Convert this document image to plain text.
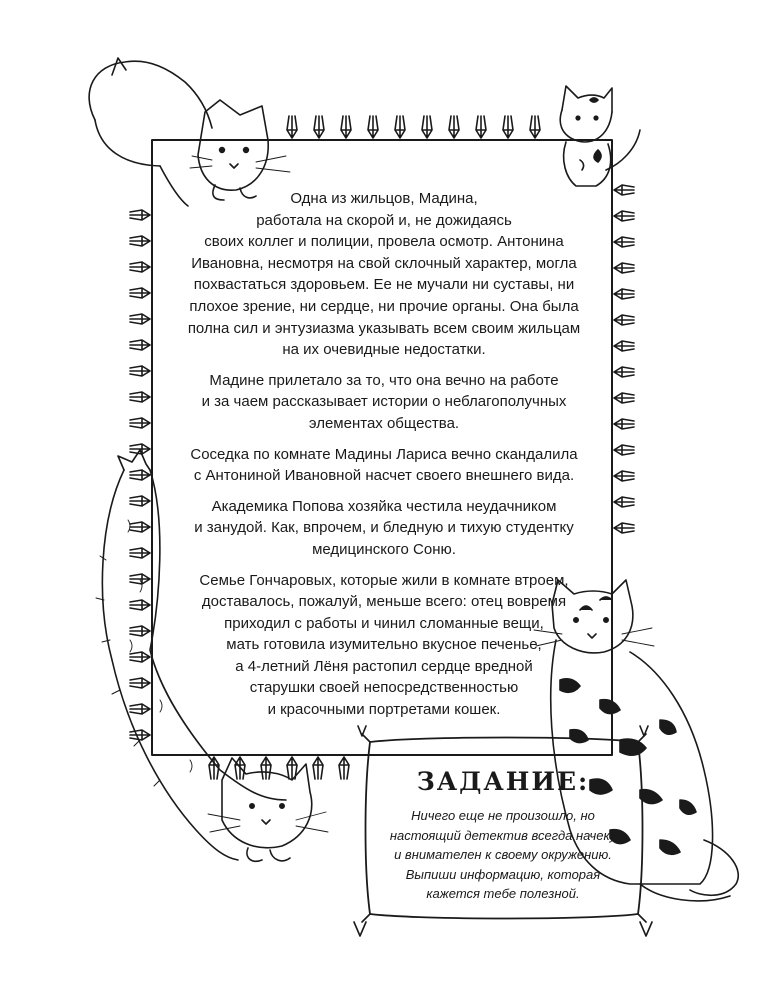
Одна из жильцов, Мадина,
работала на скорой и, не дожидаясь
своих коллег и полиции, провела осмотр. Антонина
Ивановна, несмотря на свой склочный характер, могла
похвастаться здоровьем. Ее не мучали ни суставы, ни
плохое зрение, ни сердце, ни прочие органы. Она была
полна сил и энтузиазма указывать всем своим жильцам
на их очевидные недостатки.

Мадине прилетало за то, что она вечно на работе
и за чаем рассказывает истории о неблагополучных
элементах общества.

Соседка по комнате Мадины Лариса вечно скандалила
с Антониной Ивановной насчет своего внешнего вида.

Академика Попова хозяйка честила неудачником
и занудой. Как, впрочем, и бледную и тихую студентку
медицинского Соню.

Семье Гончаровых, которые жили в комнате втроем,
доставалось, пожалуй, меньше всего: отец вовремя
приходил с работы и чинил сломанные вещи,
мать готовила изумительно вкусное печенье,
а 4-летний Лёня растопил сердце вредной
старушки своей непосредственностью
и красочными портретами кошек.

ЗАДАНИЕ:
Ничего еще не произошло, но
настоящий детектив всегда начеку
и внимателен к своему окружению.
Выпиши информацию, которая
кажется тебе полезной.
